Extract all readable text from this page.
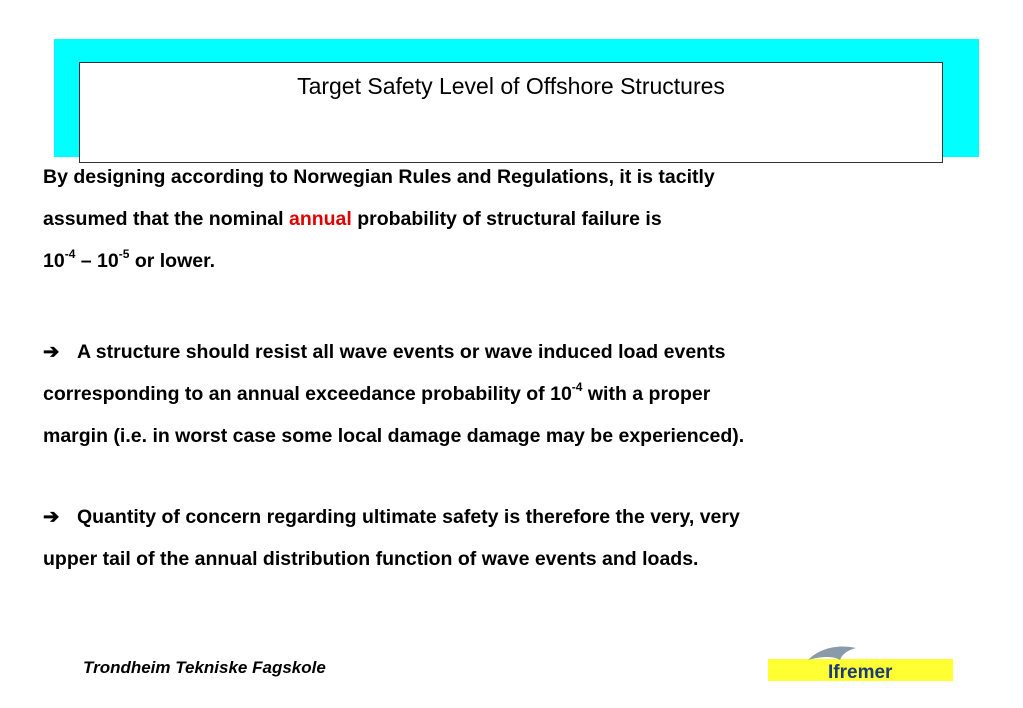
Target Safety Level of Offshore Structures
By designing according to Norwegian Rules and Regulations, it is tacitly
assumed that the nominal annual probability of structural failure is
$10^{-4} - 10^{-5}$ or lower.
➔ A structure should resist all wave events or wave induced load events
corresponding to an annual exceedance probability of $10^{-4}$ with a proper
margin (i.e. in worst case some local damage damage may be experienced).
➔ Quantity of concern regarding ultimate safety is therefore the very, very
upper tail of the annual distribution function of wave events and loads.
Trondheim Tekniske Fagskole	Ifremer
